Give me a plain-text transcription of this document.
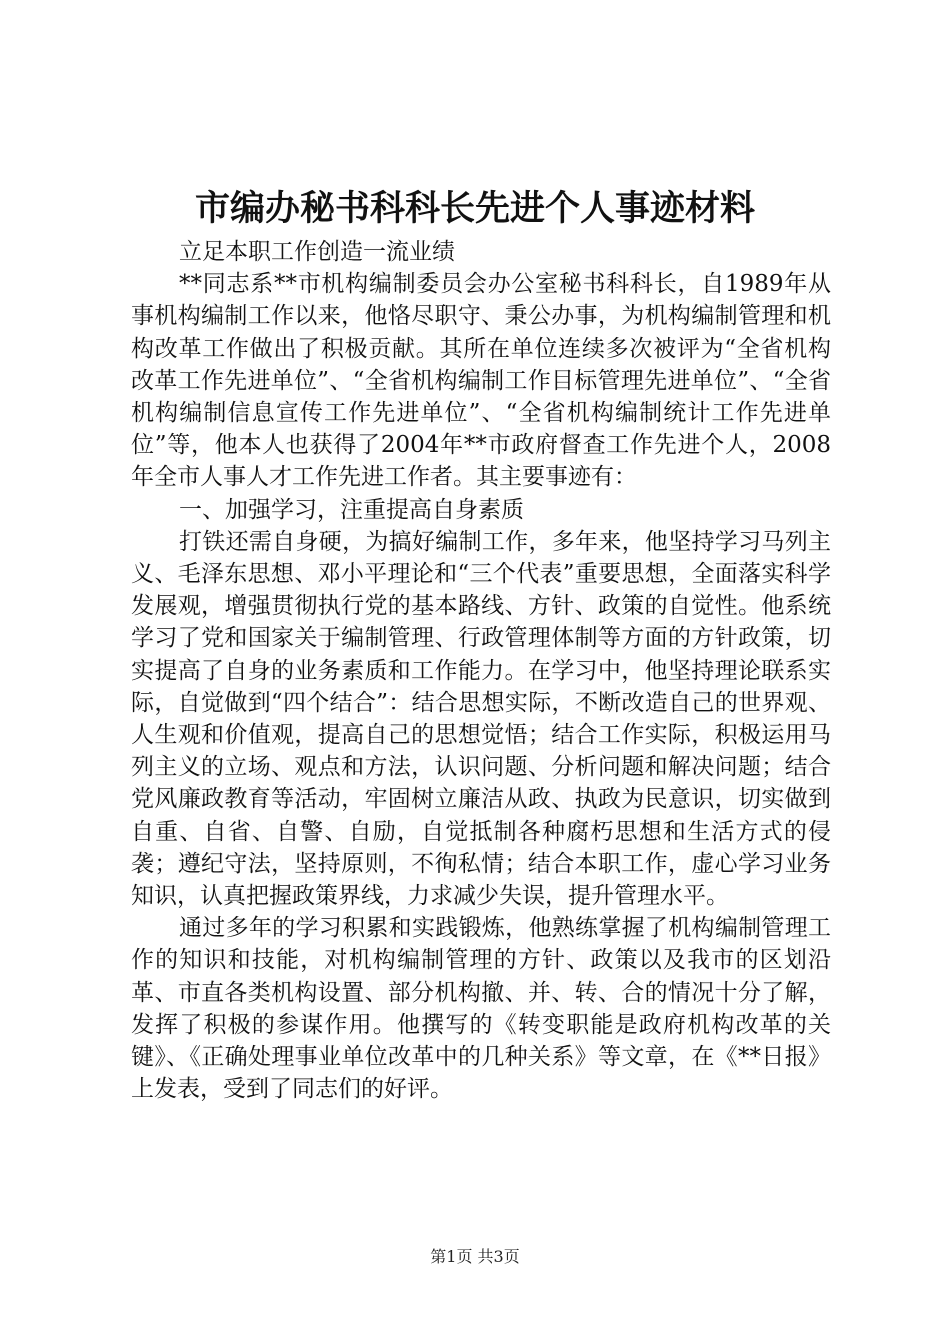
市编办秘书科科长先进个人事迹材料

立足本职工作创造一流业绩

**同志系**市机构编制委员会办公室秘书科科长，自1989年从事机构编制工作以来，他恪尽职守、秉公办事，为机构编制管理和机构改革工作做出了积极贡献。其所在单位连续多次被评为“全省机构改革工作先进单位”、“全省机构编制工作目标管理先进单位”、“全省机构编制信息宣传工作先进单位”、“全省机构编制统计工作先进单位”等，他本人也获得了2004年**市政府督查工作先进个人，2008年全市人事人才工作先进工作者。其主要事迹有：

一、加强学习，注重提高自身素质

打铁还需自身硬，为搞好编制工作，多年来，他坚持学习马列主义、毛泽东思想、邓小平理论和“三个代表”重要思想，全面落实科学发展观，增强贯彻执行党的基本路线、方针、政策的自觉性。他系统学习了党和国家关于编制管理、行政管理体制等方面的方针政策，切实提高了自身的业务素质和工作能力。在学习中，他坚持理论联系实际，自觉做到“四个结合”：结合思想实际，不断改造自己的世界观、人生观和价值观，提高自己的思想觉悟；结合工作实际，积极运用马列主义的立场、观点和方法，认识问题、分析问题和解决问题；结合党风廉政教育等活动，牢固树立廉洁从政、执政为民意识，切实做到自重、自省、自警、自励，自觉抵制各种腐朽思想和生活方式的侵袭；遵纪守法，坚持原则，不徇私情；结合本职工作，虚心学习业务知识，认真把握政策界线，力求减少失误，提升管理水平。

通过多年的学习积累和实践锻炼，他熟练掌握了机构编制管理工作的知识和技能，对机构编制管理的方针、政策以及我市的区划沿革、市直各类机构设置、部分机构撤、并、转、合的情况十分了解，发挥了积极的参谋作用。他撰写的《转变职能是政府机构改革的关键》、《正确处理事业单位改革中的几种关系》等文章，在《**日报》上发表，受到了同志们的好评。

第1页 共3页
